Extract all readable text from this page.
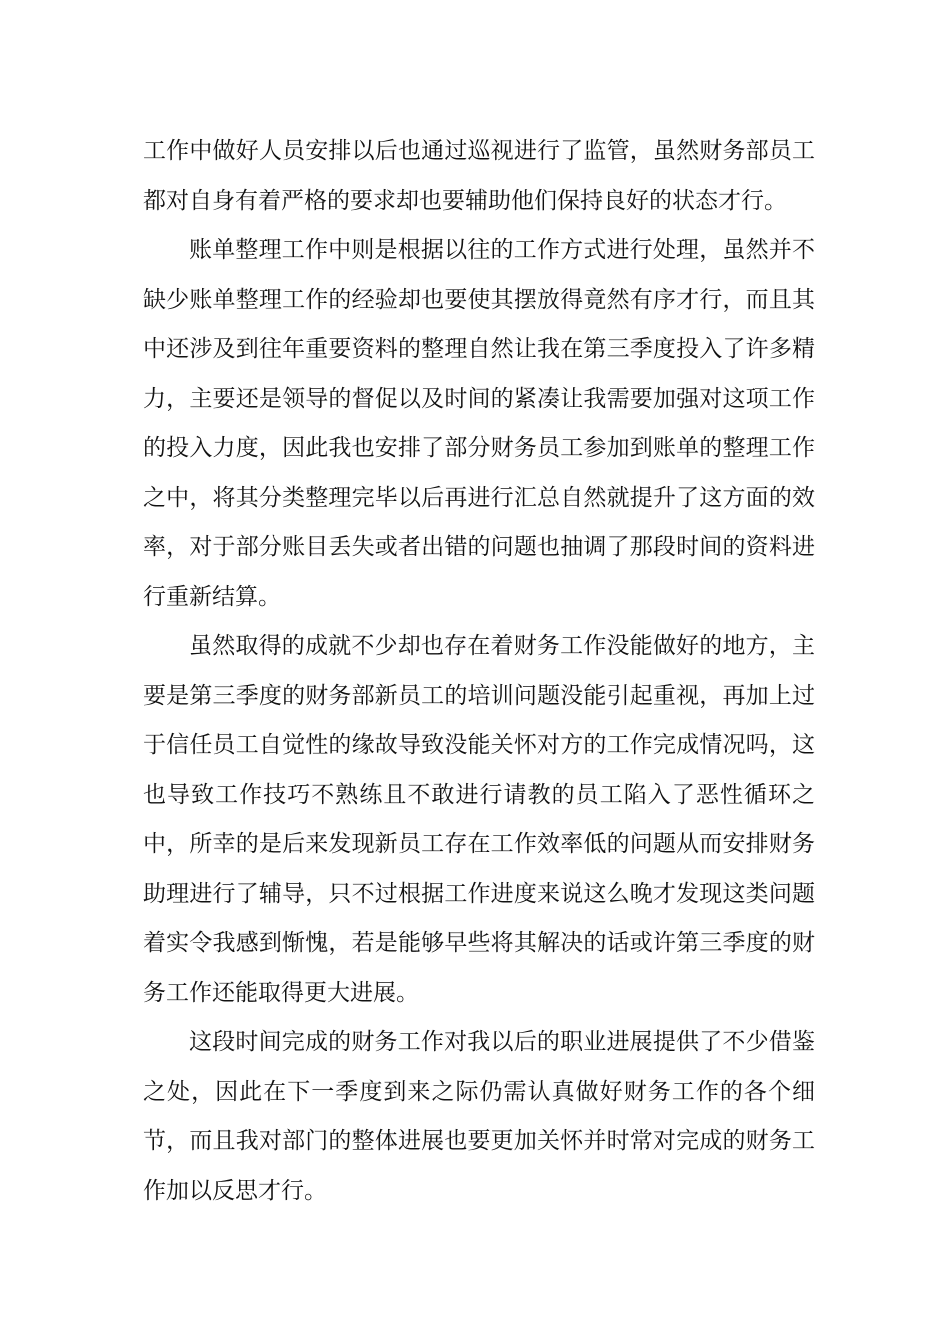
工作中做好人员安排以后也通过巡视进行了监管，虽然财务部员工都对自身有着严格的要求却也要辅助他们保持良好的状态才行。

账单整理工作中则是根据以往的工作方式进行处理，虽然并不缺少账单整理工作的经验却也要使其摆放得竟然有序才行，而且其中还涉及到往年重要资料的整理自然让我在第三季度投入了许多精力，主要还是领导的督促以及时间的紧凑让我需要加强对这项工作的投入力度，因此我也安排了部分财务员工参加到账单的整理工作之中，将其分类整理完毕以后再进行汇总自然就提升了这方面的效率，对于部分账目丢失或者出错的问题也抽调了那段时间的资料进行重新结算。

虽然取得的成就不少却也存在着财务工作没能做好的地方，主要是第三季度的财务部新员工的培训问题没能引起重视，再加上过于信任员工自觉性的缘故导致没能关怀对方的工作完成情况吗，这也导致工作技巧不熟练且不敢进行请教的员工陷入了恶性循环之中，所幸的是后来发现新员工存在工作效率低的问题从而安排财务助理进行了辅导，只不过根据工作进度来说这么晚才发现这类问题着实令我感到惭愧，若是能够早些将其解决的话或许第三季度的财务工作还能取得更大进展。

这段时间完成的财务工作对我以后的职业进展提供了不少借鉴之处，因此在下一季度到来之际仍需认真做好财务工作的各个细节，而且我对部门的整体进展也要更加关怀并时常对完成的财务工作加以反思才行。
